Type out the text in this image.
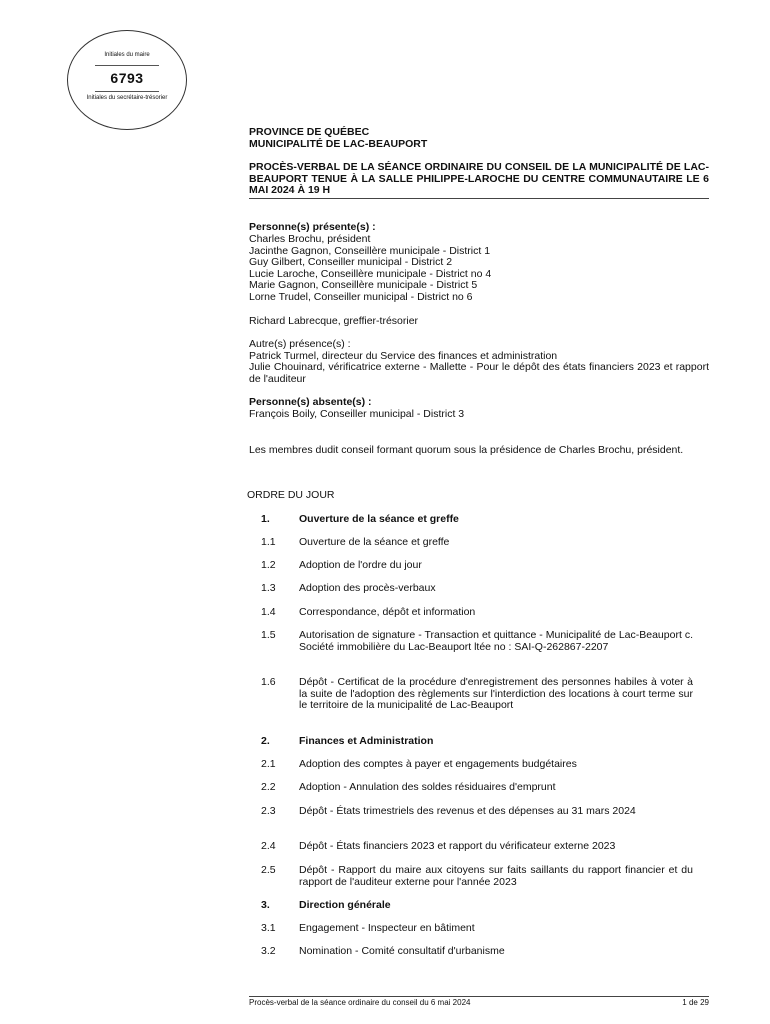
Initiales du maire
6793
Initiales du secrétaire-trésorier
PROVINCE DE QUÉBEC
MUNICIPALITÉ DE LAC-BEAUPORT
PROCÈS-VERBAL DE LA SÉANCE ORDINAIRE DU CONSEIL DE LA MUNICIPALITÉ DE LAC-BEAUPORT TENUE À LA SALLE PHILIPPE-LAROCHE DU CENTRE COMMUNAUTAIRE LE 6 MAI 2024 À 19 H
Personne(s) présente(s) :
Charles Brochu, président
Jacinthe Gagnon, Conseillère municipale - District 1
Guy Gilbert, Conseiller municipal - District 2
Lucie Laroche, Conseillère municipale - District no 4
Marie Gagnon, Conseillère municipale - District 5
Lorne Trudel, Conseiller municipal - District no 6
Richard Labrecque, greffier-trésorier
Autre(s) présence(s) :
Patrick Turmel, directeur du Service des finances et administration
Julie Chouinard, vérificatrice externe - Mallette - Pour le dépôt des états financiers 2023 et rapport de l'auditeur
Personne(s) absente(s) :
François Boily, Conseiller municipal - District 3
Les membres dudit conseil formant quorum sous la présidence de Charles Brochu, président.
ORDRE DU JOUR
1.	Ouverture de la séance et greffe
1.1	Ouverture de la séance et greffe
1.2	Adoption de l'ordre du jour
1.3	Adoption des procès-verbaux
1.4	Correspondance, dépôt et information
1.5	Autorisation de signature - Transaction et quittance - Municipalité de Lac-Beauport c. Société immobilière du Lac-Beauport ltée no : SAI-Q-262867-2207
1.6	Dépôt - Certificat de la procédure d'enregistrement des personnes habiles à voter à la suite de l'adoption des règlements sur l'interdiction des locations à court terme sur le territoire de la municipalité de Lac-Beauport
2.	Finances et Administration
2.1	Adoption des comptes à payer et engagements budgétaires
2.2	Adoption - Annulation des soldes résiduaires d'emprunt
2.3	Dépôt - États trimestriels des revenus et des dépenses au 31 mars 2024
2.4	Dépôt - États financiers 2023 et rapport du vérificateur externe 2023
2.5	Dépôt - Rapport du maire aux citoyens sur faits saillants du rapport financier et du rapport de l'auditeur externe pour l'année 2023
3.	Direction générale
3.1	Engagement - Inspecteur en bâtiment
3.2	Nomination - Comité consultatif d'urbanisme
Procès-verbal de la séance ordinaire du conseil du 6 mai 2024	1 de 29
